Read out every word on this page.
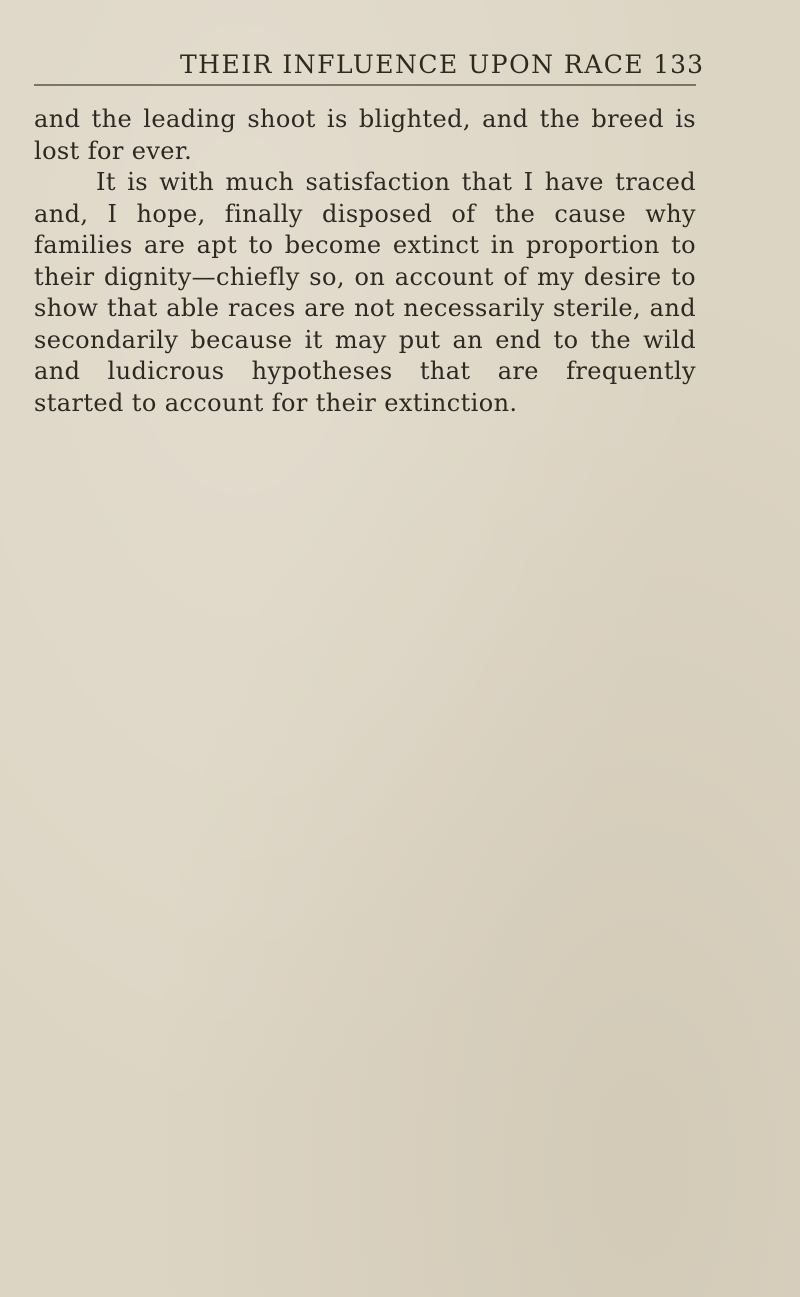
THEIR INFLUENCE UPON RACE 133

and the leading shoot is blighted, and the breed is lost for ever.

It is with much satisfaction that I have traced and, I hope, finally disposed of the cause why families are apt to become extinct in proportion to their dignity—chiefly so, on account of my desire to show that able races are not necessarily sterile, and secondarily because it may put an end to the wild and ludicrous hypotheses that are frequently started to account for their extinction.
